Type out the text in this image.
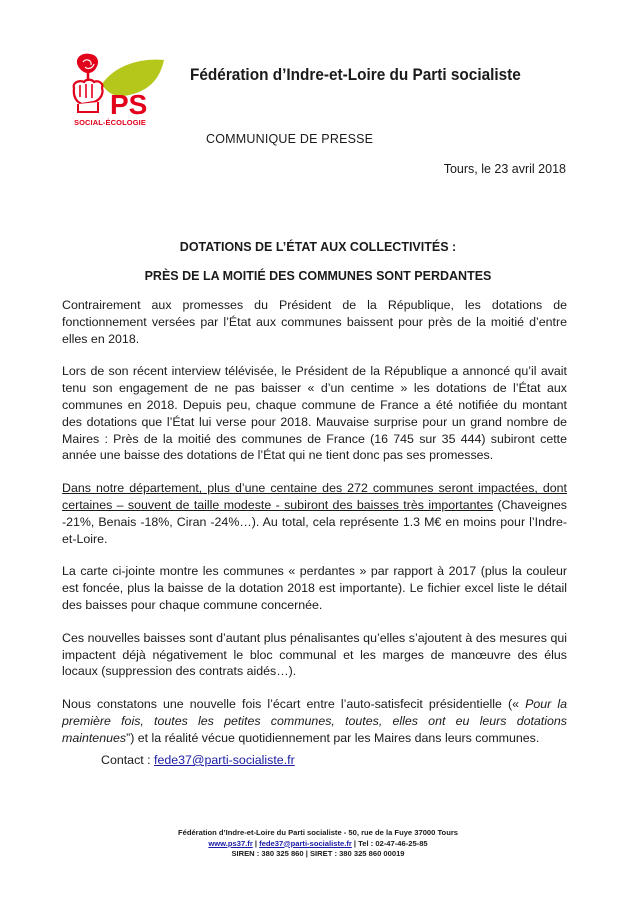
PS
SOCIAL-ÉCOLOGIE
Fédération d’Indre-et-Loire du Parti socialiste
COMMUNIQUE DE PRESSE
Tours, le 23 avril 2018
DOTATIONS DE L’ÉTAT AUX COLLECTIVITÉS :
PRÈS DE LA MOITIÉ DES COMMUNES SONT PERDANTES

Contrairement aux promesses du Président de la République, les dotations de fonctionnement versées par l’État aux communes baissent pour près de la moitié d’entre elles en 2018.

Lors de son récent interview télévisée, le Président de la République a annoncé qu’il avait tenu son engagement de ne pas baisser « d’un centime » les dotations de l’État aux communes en 2018. Depuis peu, chaque commune de France a été notifiée du montant des dotations que l’État lui verse pour 2018. Mauvaise surprise pour un grand nombre de Maires : Près de la moitié des communes de France (16 745 sur 35 444) subiront cette année une baisse des dotations de l’État qui ne tient donc pas ses promesses.

Dans notre département, plus d’une centaine des 272 communes seront impactées, dont certaines – souvent de taille modeste - subiront des baisses très importantes (Chaveignes -21%, Benais -18%, Ciran -24%…). Au total, cela représente 1.3 M€ en moins pour l’Indre-et-Loire.

La carte ci-jointe montre les communes « perdantes » par rapport à 2017 (plus la couleur est foncée, plus la baisse de la dotation 2018 est importante). Le fichier excel liste le détail des baisses pour chaque commune concernée.

Ces nouvelles baisses sont d’autant plus pénalisantes qu’elles s’ajoutent à des mesures qui impactent déjà négativement le bloc communal et les marges de manœuvre des élus locaux (suppression des contrats aidés…).

Nous constatons une nouvelle fois l’écart entre l’auto-satisfecit présidentielle (« Pour la première fois, toutes les petites communes, toutes, elles ont eu leurs dotations maintenues”) et la réalité vécue quotidiennement par les Maires dans leurs communes.

Contact : fede37@parti-socialiste.fr
Fédération d’Indre-et-Loire du Parti socialiste - 50, rue de la Fuye 37000 Tours
www.ps37.fr | fede37@parti-socialiste.fr | Tel : 02-47-46-25-85
SIREN : 380 325 860 | SIRET : 380 325 860 00019
